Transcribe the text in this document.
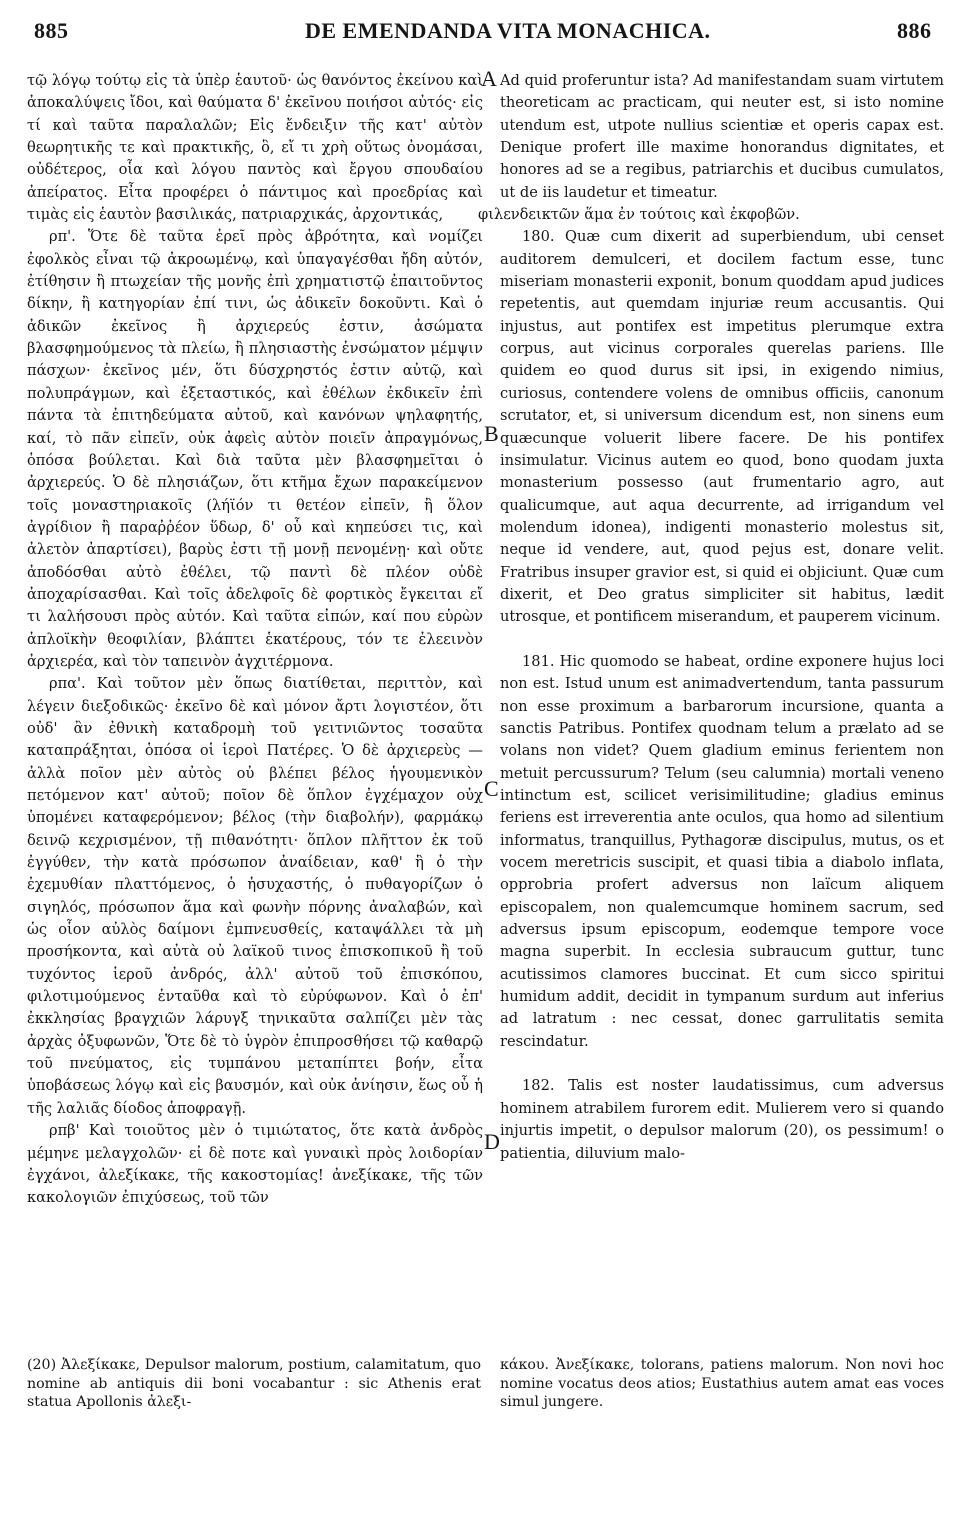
885	DE EMENDANDA VITA MONACHICA.	886
A
B
C
D

τῷ λόγῳ τούτῳ εἰς τὰ ὑπὲρ ἑαυτοῦ· ὡς θανόντος ἐκείνου καὶ ἀποκαλύψεις ἴδοι, καὶ θαύματα δ' ἐκεῖνου ποιήσοι αὐτός· εἰς τί καὶ ταῦτα παραλαλῶν; Εἰς ἔνδειξιν τῆς κατ' αὐτὸν θεωρητικῆς τε καὶ πρακτικῆς, ὃ, εἴ τι χρὴ οὕτως ὀνομάσαι, οὐδέτερος, οἷα καὶ λόγου παντὸς καὶ ἔργου σπουδαίου ἀπείρατος. Εἶτα προφέρει ὁ πάντιμος καὶ προεδρίας καὶ τιμὰς εἰς ἑαυτὸν βασιλικάς, πατριαρχικάς, ἀρχοντικάς,

ρπ'. Ὅτε δὲ ταῦτα ἐρεῖ πρὸς ἁβρότητα, καὶ νομίζει ἐφολκὸς εἶναι τῷ ἀκροωμένῳ, καὶ ὑπαγαγέσθαι ἤδη αὐτόν, ἐτίθησιν ἢ πτωχείαν τῆς μονῆς ἐπὶ χρηματιστῷ ἐπαιτοῦντος δίκην, ἢ κατηγορίαν ἐπί τινι, ὡς ἀδικεῖν δοκοῦντι. Καὶ ὁ ἀδικῶν ἐκεῖνος ἢ ἀρχιερεύς ἐστιν, ἀσώματα βλασφημούμενος τὰ πλείω, ἢ πλησιαστὴς ἐνσώματον μέμψιν πάσχων· ἐκεῖνος μέν, ὅτι δύσχρηστός ἐστιν αὐτῷ, καὶ πολυπράγμων, καὶ ἐξεταστικός, καὶ ἐθέλων ἐκδικεῖν ἐπὶ πάντα τὰ ἐπιτηδεύματα αὐτοῦ, καὶ κανόνων ψηλαφητής, καί, τὸ πᾶν εἰπεῖν, οὐκ ἀφεὶς αὐτὸν ποιεῖν ἀπραγμόνως, ὁπόσα βούλεται. Καὶ διὰ ταῦτα μὲν βλασφημεῖται ὁ ἀρχιερεύς. Ὁ δὲ πλησιάζων, ὅτι κτῆμα ἔχων παρακείμενον τοῖς μοναστηριακοῖς (λήϊόν τι θετέον εἰπεῖν, ἢ ὅλον ἀγρίδιον ἢ παραῤῥέον ὕδωρ, δ' οὗ καὶ κηπεύσει τις, καὶ ἀλετὸν ἀπαρτίσει), βαρὺς ἐστι τῇ μονῇ πενομένῃ· καὶ οὔτε ἀποδόσθαι αὐτὸ ἐθέλει, τῷ παντὶ δὲ πλέον οὐδὲ ἀποχαρίσασθαι. Καὶ τοῖς ἀδελφοῖς δὲ φορτικὸς ἔγκειται εἴ τι λαλήσουσι πρὸς αὐτόν. Καὶ ταῦτα εἰπών, καί που εὑρὼν ἁπλοϊκὴν θεοφιλίαν, βλάπτει ἑκατέρους, τόν τε ἐλεεινὸν ἀρχιερέα, καὶ τὸν ταπεινὸν ἀγχιτέρμονα.

ρπα'. Καὶ τοῦτον μὲν ὅπως διατίθεται, περιττὸν, καὶ λέγειν διεξοδικῶς· ἐκεῖνο δὲ καὶ μόνον ἄρτι λογιστέον, ὅτι οὐδ' ἂν ἐθνικὴ καταδρομὴ τοῦ γειτνιῶντος τοσαῦτα καταπράξηται, ὁπόσα οἱ ἱεροὶ Πατέρες. Ὁ δὲ ἀρχιερεὺς — ἀλλὰ ποῖον μὲν αὐτὸς οὐ βλέπει βέλος ἡγουμενικὸν πετόμενον κατ' αὐτοῦ; ποῖον δὲ ὅπλον ἐγχέμαχον οὐχ ὑπομένει καταφερόμενον; βέλος (τὴν διαβολήν), φαρμάκῳ δεινῷ κεχρισμένον, τῇ πιθανότητι· ὅπλον πλῆττον ἐκ τοῦ ἐγγύθεν, τὴν κατὰ πρόσωπον ἀναίδειαν, καθ' ἣ ὁ τὴν ἐχεμυθίαν πλαττόμενος, ὁ ἡσυχαστής, ὁ πυθαγορίζων ὁ σιγηλός, πρόσωπον ἅμα καὶ φωνὴν πόρνης ἀναλαβών, καὶ ὡς οἷον αὐλὸς δαίμονι ἐμπνευσθείς, καταψάλλει τὰ μὴ προσήκοντα, καὶ αὐτὰ οὐ λαϊκοῦ τινος ἐπισκοπικοῦ ἢ τοῦ τυχόντος ἱεροῦ ἀνδρός, ἀλλ' αὐτοῦ τοῦ ἐπισκόπου, φιλοτιμούμενος ἐνταῦθα καὶ τὸ εὐρύφωνον. Καὶ ὁ ἐπ' ἐκκλησίας βραγχιῶν λάρυγξ τηνικαῦτα σαλπίζει μὲν τὰς ἀρχὰς ὀξυφωνῶν, Ὅτε δὲ τὸ ὑγρὸν ἐπιπροσθήσει τῷ καθαρῷ τοῦ πνεύματος, εἰς τυμπάνου μεταπίπτει βοήν, εἶτα ὑποβάσεως λόγῳ καὶ εἰς βαυσμόν, καὶ οὐκ ἀνίησιν, ἕως οὗ ἡ τῆς λαλιᾶς δίοδος ἀποφραγῇ.

ρπβ' Καὶ τοιοῦτος μὲν ὁ τιμιώτατος, ὅτε κατὰ ἀνδρὸς μέμηνε μελαγχολῶν· εἰ δὲ ποτε καὶ γυναικὶ πρὸς λοιδορίαν ἐγχάνοι, ἀλεξίκακε, τῆς κακοστομίας! ἀνεξίκακε, τῆς τῶν κακολογιῶν ἐπιχύσεως, τοῦ τῶν

Ad quid proferuntur ista? Ad manifestandam suam virtutem theoreticam ac practicam, qui neuter est, si isto nomine utendum est, utpote nullius scientiæ et operis capax est. Denique profert ille maxime honorandus dignitates, et honores ad se a regibus, patriarchis et ducibus cumulatos, ut de iis laudetur et timeatur.

φιλενδεικτῶν ἅμα ἐν τούτοις καὶ ἐκφοβῶν.

180. Quæ cum dixerit ad superbiendum, ubi censet auditorem demulceri, et docilem factum esse, tunc miseriam monasterii exponit, bonum quoddam apud judices repetentis, aut quemdam injuriæ reum accusantis. Qui injustus, aut pontifex est impetitus plerumque extra corpus, aut vicinus corporales querelas pariens. Ille quidem eo quod durus sit ipsi, in exigendo nimius, curiosus, contendere volens de omnibus officiis, canonum scrutator, et, si universum dicendum est, non sinens eum quæcunque voluerit libere facere. De his pontifex insimulatur. Vicinus autem eo quod, bono quodam juxta monasterium possesso (aut frumentario agro, aut qualicumque, aut aqua decurrente, ad irrigandum vel molendum idonea), indigenti monasterio molestus sit, neque id vendere, aut, quod pejus est, donare velit. Fratribus insuper gravior est, si quid ei objiciunt. Quæ cum dixerit, et Deo gratus simpliciter sit habitus, lædit utrosque, et pontificem miserandum, et pauperem vicinum.

181. Hic quomodo se habeat, ordine exponere hujus loci non est. Istud unum est animadvertendum, tanta passurum non esse proximum a barbarorum incursione, quanta a sanctis Patribus. Pontifex quodnam telum a prælato ad se volans non videt? Quem gladium eminus ferientem non metuit percussurum? Telum (seu calumnia) mortali veneno intinctum est, scilicet verisimilitudine; gladius eminus feriens est irreverentia ante oculos, qua homo ad silentium informatus, tranquillus, Pythagoræ discipulus, mutus, os et vocem meretricis suscipit, et quasi tibia a diabolo inflata, opprobria profert adversus non laïcum aliquem episcopalem, non qualemcumque hominem sacrum, sed adversus ipsum episcopum, eodemque tempore voce magna superbit. In ecclesia subraucum guttur, tunc acutissimos clamores buccinat. Et cum sicco spiritui humidum addit, decidit in tympanum surdum aut inferius ad latratum : nec cessat, donec garrulitatis semita rescindatur.

182. Talis est noster laudatissimus, cum adversus hominem atrabilem furorem edit. Mulierem vero si quando injurtis impetit, o depulsor malorum (20), os pessimum! o patientia, diluvium malo-

(20) Ἀλεξίκακε, Depulsor malorum, postium, calamitatum, quo nomine ab antiquis dii boni vocabantur : sic Athenis erat statua Apollonis ἀλεξι-
κάκου. Ἀνεξίκακε, tolorans, patiens malorum. Non novi hoc nomine vocatus deos atios; Eustathius autem amat eas voces simul jungere.
